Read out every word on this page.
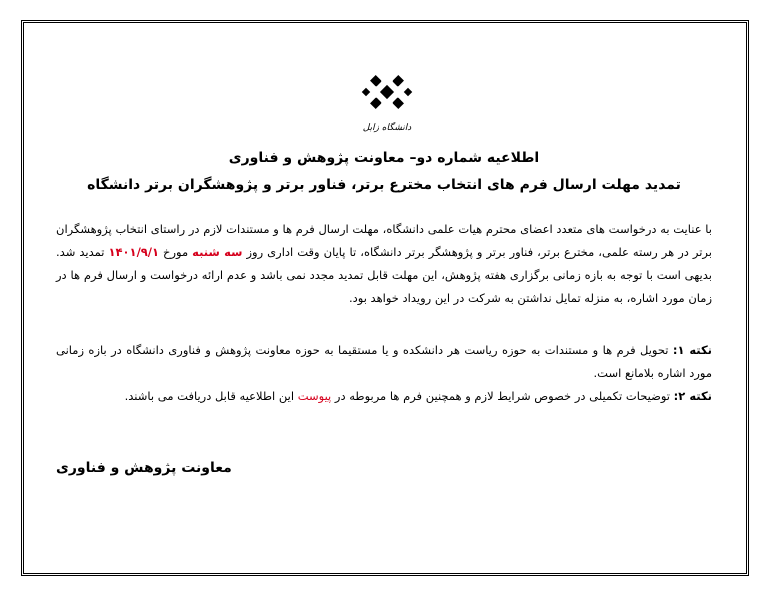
دانشگاه زابل
اطلاعیه شماره دو– معاونت پژوهش و فناوری
تمدید مهلت ارسال فرم های انتخاب مخترع برتر، فناور برتر و پژوهشگران برتر دانشگاه
با عنایت به درخواست های متعدد اعضای محترم هیات علمی دانشگاه، مهلت ارسال فرم ها و مستندات لازم در راستای انتخاب پژوهشگران برتر در هر رسته علمی، مخترع برتر، فناور برتر و پژوهشگر برتر دانشگاه، تا پایان وقت اداری روز سه شنبه مورخ ۱۴۰۱/۹/۱ تمدید شد. بدیهی است با توجه به بازه زمانی برگزاری هفته پژوهش، این مهلت قابل تمدید مجدد نمی باشد و عدم ارائه درخواست و ارسال فرم ها در زمان مورد اشاره، به منزله تمایل نداشتن به شرکت در این رویداد خواهد بود.
نکته ۱: تحویل فرم ها و مستندات به حوزه ریاست هر دانشکده و یا مستقیما به حوزه معاونت پژوهش و فناوری دانشگاه در بازه زمانی مورد اشاره بلامانع است.
نکته ۲: توضیحات تکمیلی در خصوص شرایط لازم و همچنین فرم ها مربوطه در پیوست این اطلاعیه قابل دریافت می باشند.
معاونت پژوهش و فناوری
